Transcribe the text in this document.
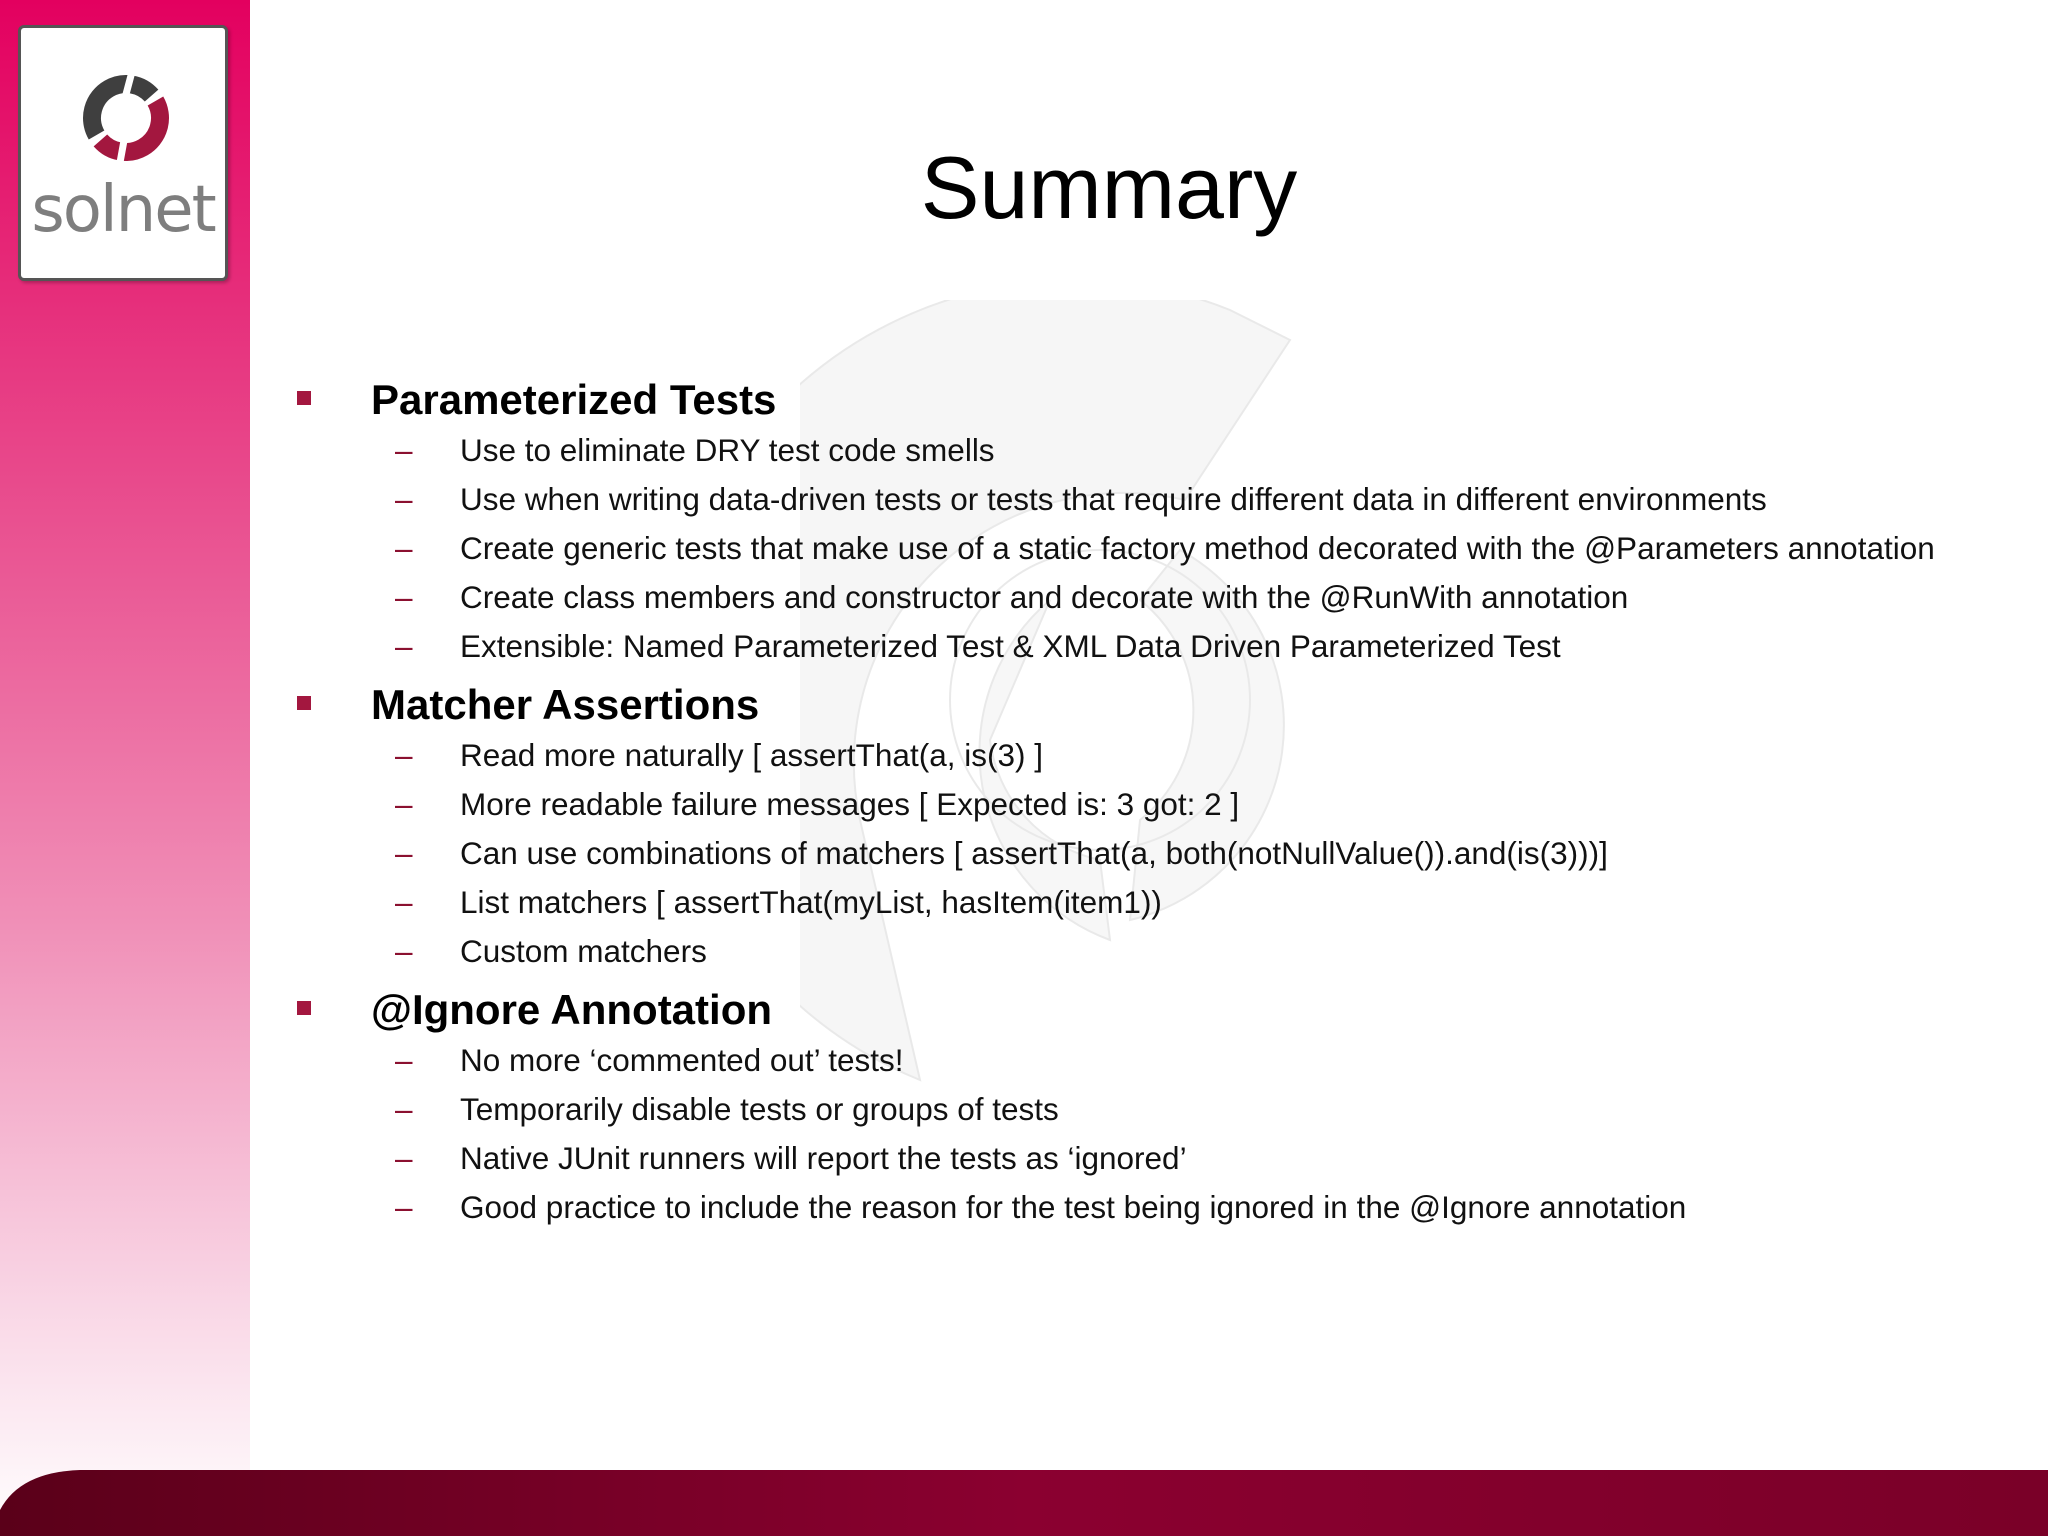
solnet	Summary
Parameterized Tests
– Use to eliminate DRY test code smells
– Use when writing data-driven tests or tests that require different data in different environments
– Create generic tests that make use of a static factory method decorated with the @Parameters annotation
– Create class members and constructor and decorate with the @RunWith annotation
– Extensible: Named Parameterized Test & XML Data Driven Parameterized Test
Matcher Assertions
– Read more naturally [ assertThat(a, is(3) ]
– More readable failure messages [ Expected is: 3 got: 2 ]
– Can use combinations of matchers [ assertThat(a, both(notNullValue()).and(is(3)))]
– List matchers [ assertThat(myList, hasItem(item1))
– Custom matchers
@Ignore Annotation
– No more ‘commented out’ tests!
– Temporarily disable tests or groups of tests
– Native JUnit runners will report the tests as ‘ignored’
– Good practice to include the reason for the test being ignored in the @Ignore annotation
